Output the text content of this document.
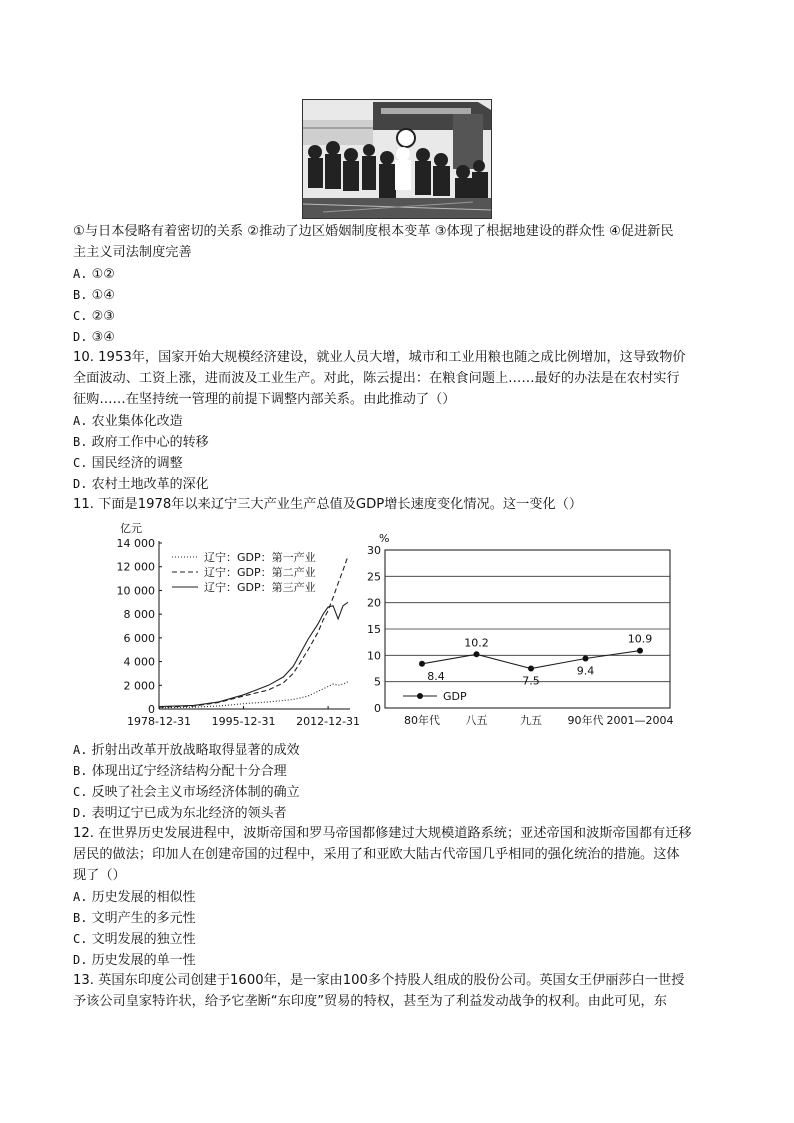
①与日本侵略有着密切的关系 ②推动了边区婚姻制度根本变革 ③体现了根据地建设的群众性 ④促进新民
主主义司法制度完善
A. ①②
B. ①④
C. ②③
D. ③④
10. 1953年，国家开始大规模经济建设，就业人员大增，城市和工业用粮也随之成比例增加，这导致物价
全面波动、工资上涨，进而波及工业生产。对此，陈云提出：在粮食问题上……最好的办法是在农村实行
征购……在坚持统一管理的前提下调整内部关系。由此推动了（）
A. 农业集体化改造
B. 政府工作中心的转移
C. 国民经济的调整
D. 农村土地改革的深化
11. 下面是1978年以来辽宁三大产业生产总值及GDP增长速度变化情况。这一变化（）
亿元
0
2 000
4 000
6 000
8 000
10 000
12 000
14 000
1978-12-31 1995-12-31 2012-12-31
辽宁：GDP：第一产业
辽宁：GDP：第二产业
辽宁：GDP：第三产业
%
0
5
10
15
20
25
30
80年代 八五	九五 90年代 2001—2004
8.4
10.2
7.5
9.4
10.9
GDP
A. 折射出改革开放战略取得显著的成效
B. 体现出辽宁经济结构分配十分合理
C. 反映了社会主义市场经济体制的确立
D. 表明辽宁已成为东北经济的领头者
12. 在世界历史发展进程中，波斯帝国和罗马帝国都修建过大规模道路系统；亚述帝国和波斯帝国都有迁移
居民的做法；印加人在创建帝国的过程中，采用了和亚欧大陆古代帝国几乎相同的强化统治的措施。这体
现了（）
A. 历史发展的相似性
B. 文明产生的多元性
C. 文明发展的独立性
D. 历史发展的单一性
13. 英国东印度公司创建于1600年，是一家由100多个持股人组成的股份公司。英国女王伊丽莎白一世授
予该公司皇家特许状，给予它垄断“东印度”贸易的特权，甚至为了利益发动战争的权利。由此可见，东
